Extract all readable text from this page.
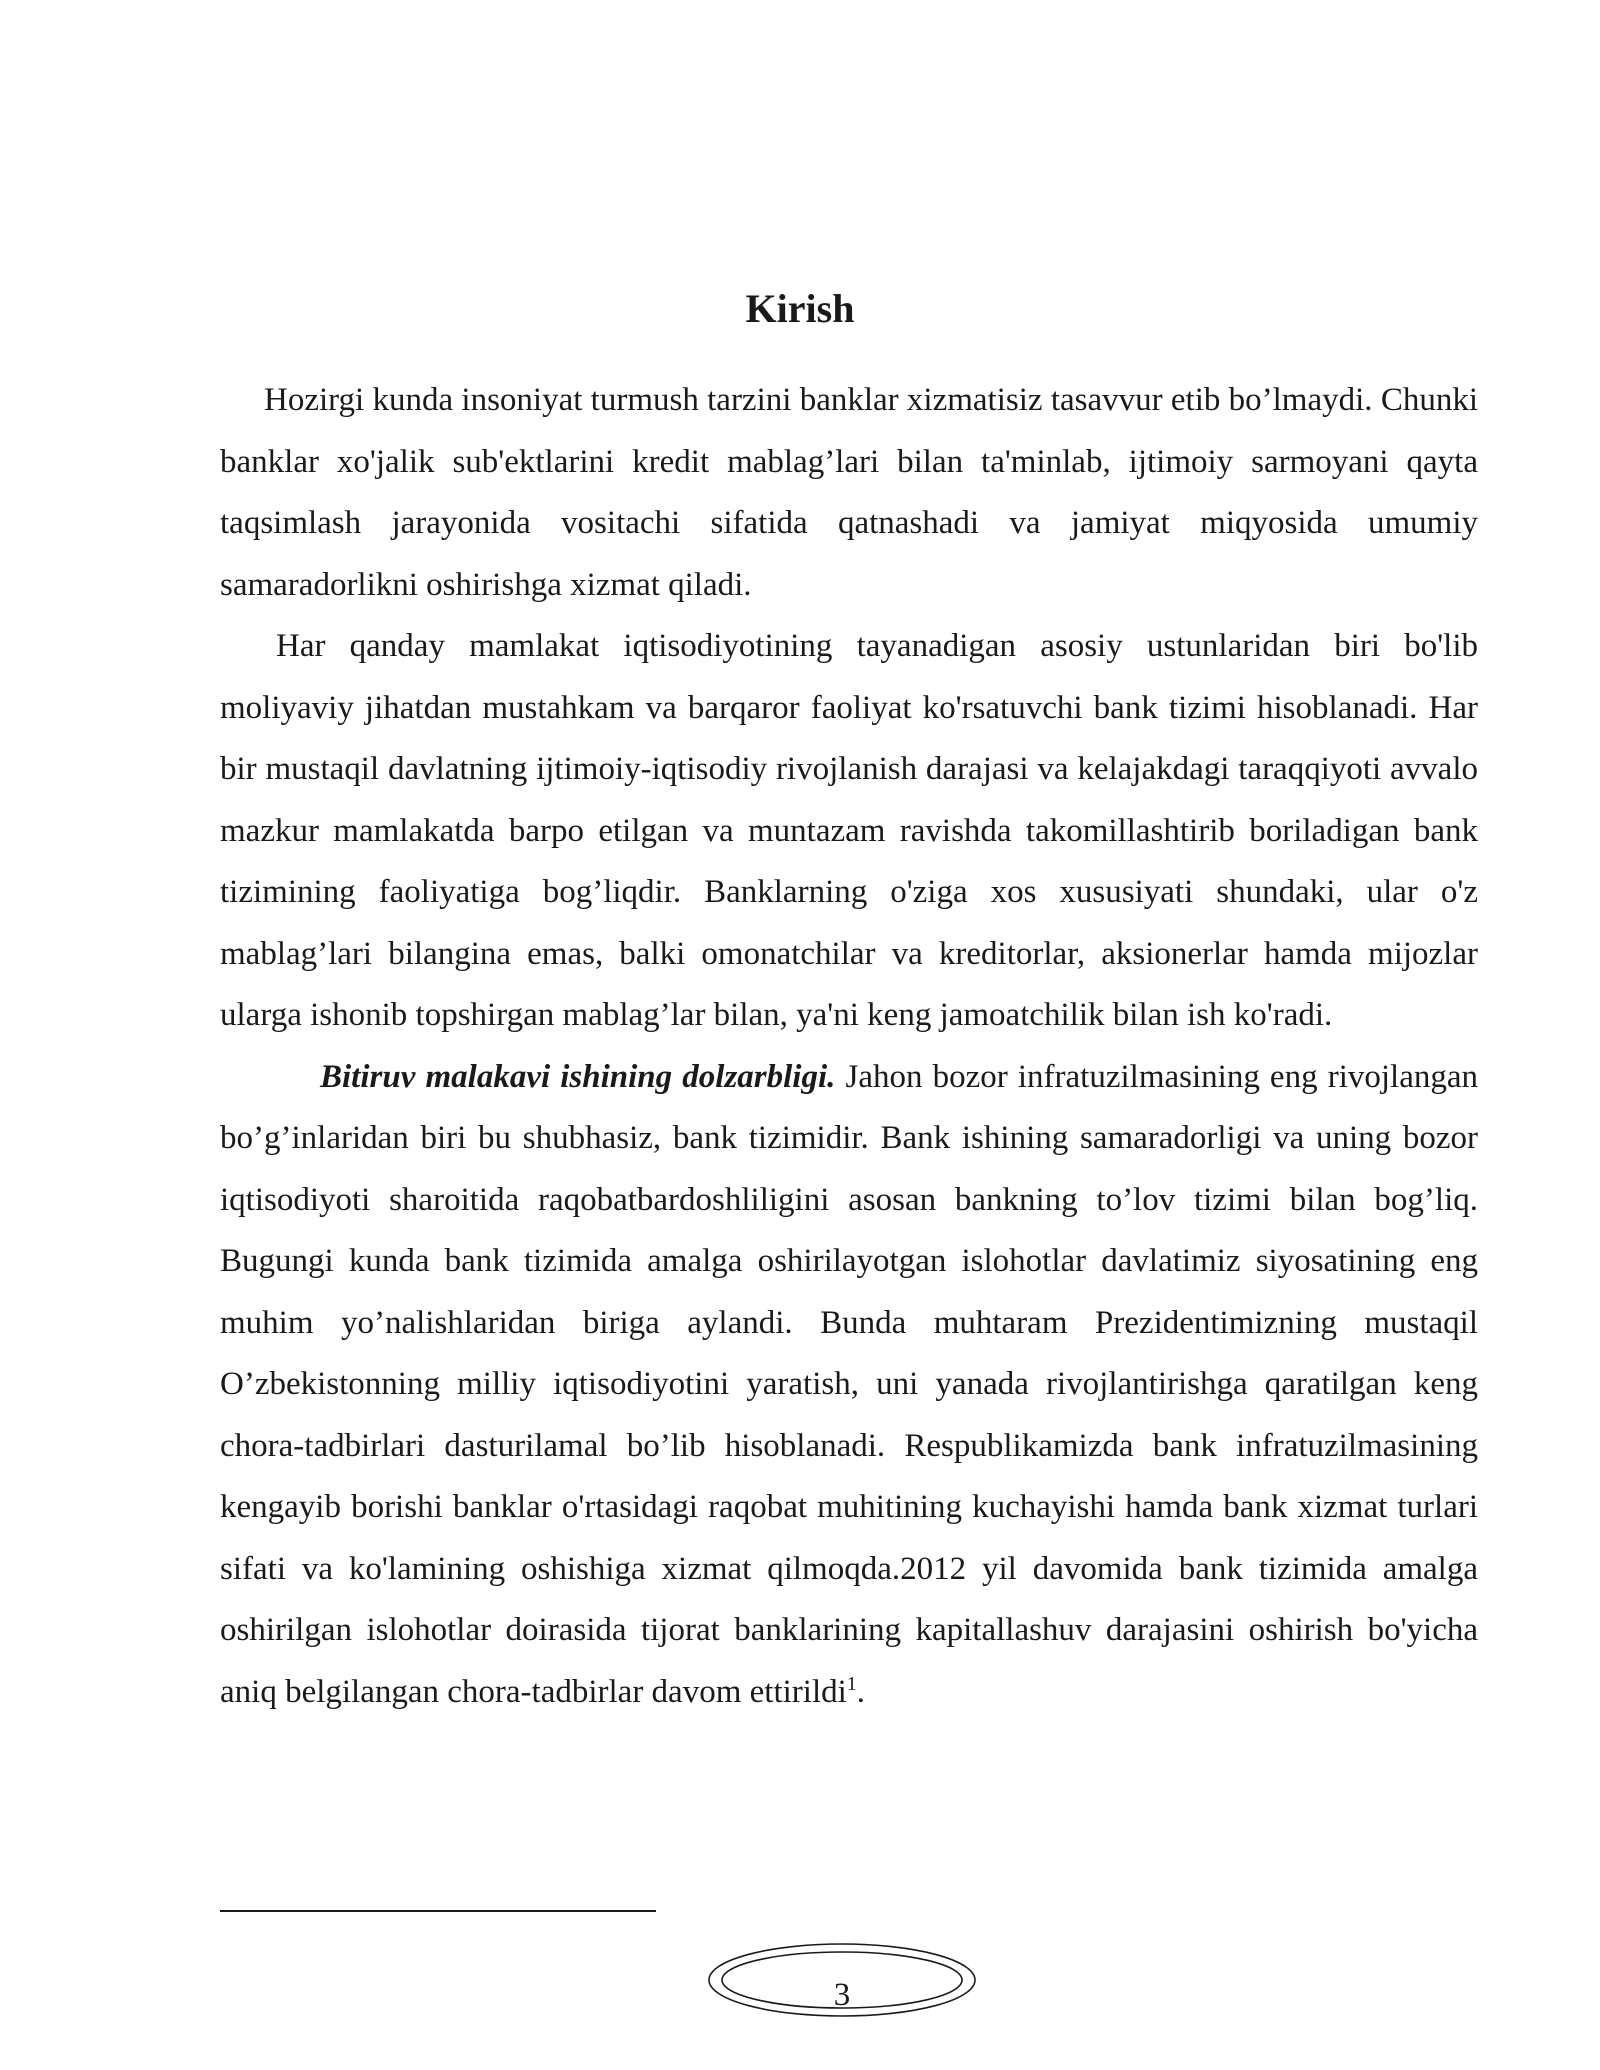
Kirish

Hozirgi kunda insoniyat turmush tarzini banklar xizmatisiz tasavvur etib bo’lmaydi. Chunki banklar xo'jalik sub'ektlarini kredit mablag’lari bilan ta'minlab, ijtimoiy sarmoyani qayta taqsimlash jarayonida vositachi sifatida qatnashadi va jamiyat miqyosida umumiy samaradorlikni oshirishga xizmat qiladi.

Har qanday mamlakat iqtisodiyotining tayanadigan asosiy ustunlaridan biri bo'lib moliyaviy jihatdan mustahkam va barqaror faoliyat ko'rsatuvchi bank tizimi hisoblanadi. Har bir mustaqil davlatning ijtimoiy-iqtisodiy rivojlanish darajasi va kelajakdagi taraqqiyoti avvalo mazkur mamlakatda barpo etilgan va muntazam ravishda takomillashtirib boriladigan bank tizimining faoliyatiga bog’liqdir. Banklarning o'ziga xos xususiyati shundaki, ular o'z mablag’lari bilangina emas, balki omonatchilar va kreditorlar, aksionerlar hamda mijozlar ularga ishonib topshirgan mablag’lar bilan, ya'ni keng jamoatchilik bilan ish ko'radi.

Bitiruv malakavi ishining dolzarbligi. Jahon bozor infratuzilmasining eng rivojlangan bo’g’inlaridan biri bu shubhasiz, bank tizimidir. Bank ishining samaradorligi va uning bozor iqtisodiyoti sharoitida raqobatbardoshliligini asosan bankning to’lov tizimi bilan bog’liq. Bugungi kunda bank tizimida amalga oshirilayotgan islohotlar davlatimiz siyosatining eng muhim yo’nalishlaridan biriga aylandi. Bunda muhtaram Prezidentimizning mustaqil O’zbekistonning milliy iqtisodiyotini yaratish, uni yanada rivojlantirishga qaratilgan keng chora-tadbirlari dasturilamal bo’lib hisoblanadi. Respublikamizda bank infratuzilmasining kengayib borishi banklar o'rtasidagi raqobat muhitining kuchayishi hamda bank xizmat turlari sifati va ko'lamining oshishiga xizmat qilmoqda.2012 yil davomida bank tizimida amalga oshirilgan islohotlar doirasida tijorat banklarining kapitallashuv darajasini oshirish bo'yicha aniq belgilangan chora-tadbirlar davom ettirildi$^1$.

3
